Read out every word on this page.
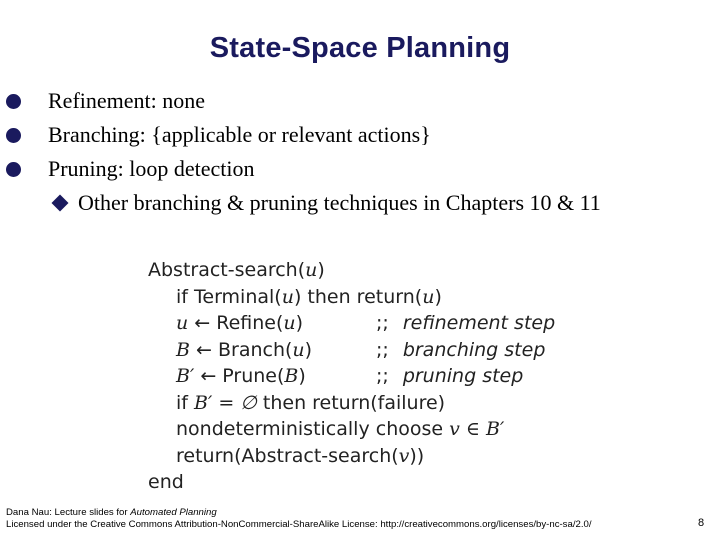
State-Space Planning
Refinement: none
Branching: {applicable or relevant actions}
Pruning: loop detection
Other branching & pruning techniques in Chapters 10 & 11
Abstract-search(u)
if Terminal(u) then return(u)
u ← Refine(u)	;; refinement step
B ← Branch(u)	;; branching step
B′ ← Prune(B)	;; pruning step
if B′ = ∅ then return(failure)
nondeterministically choose v ∈ B′
return(Abstract-search(v))
end
Dana Nau: Lecture slides for Automated Planning
Licensed under the Creative Commons Attribution-NonCommercial-ShareAlike License: http://creativecommons.org/licenses/by-nc-sa/2.0/	8
